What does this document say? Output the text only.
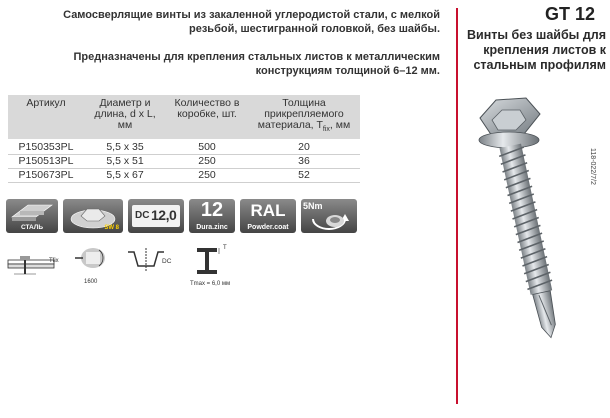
Самосверлящие винты из закаленной углеродистой стали, с мелкой резьбой, шестигранной головкой, без шайбы.
Предназначены для крепления стальных листов к металлическим конструкциям толщиной 6–12 мм.
GT 12
Винты без шайбы для крепления листов к стальным профилям
118-022/7/2
Артикул	Диаметр и длина, d x L, мм	Количество в коробке, шт.	Толщина прикрепляемого материала, $T_{fix}$, мм
P150353PL	5,5 x 35	500	20
P150513PL	5,5 x 51	250	36
P150673PL	5,5 x 67	250	52
СТАЛЬ	SW 8
DC 12,0	12
Dura.zinc
RAL
Powder.coat
5Nm
Tfix
1600
DC
T
Tmax = 6,0 мм
